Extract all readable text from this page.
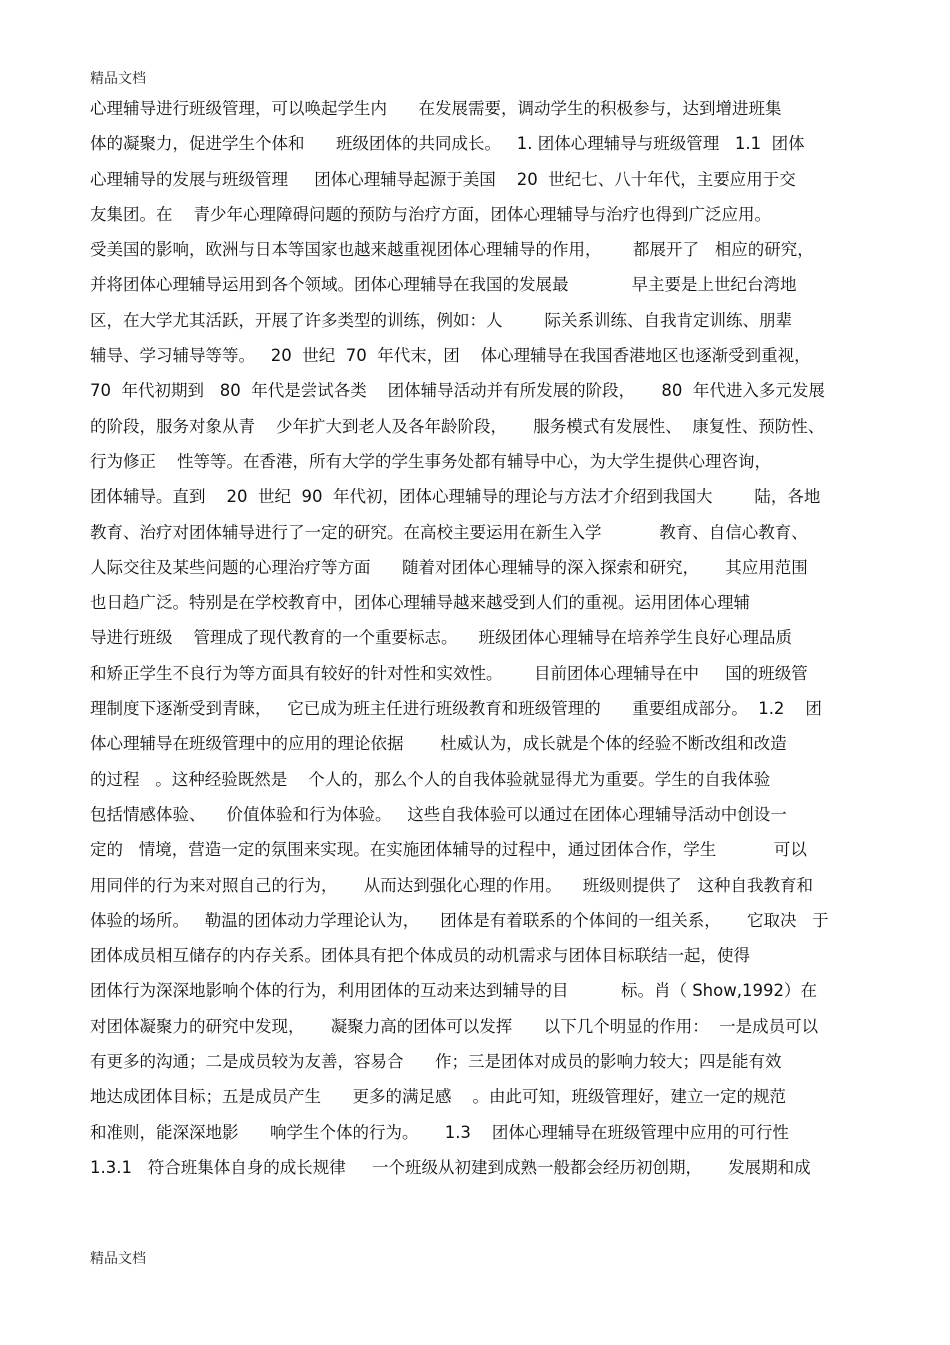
精品文档
心理辅导进行班级管理，可以唤起学生内      在发展需要，调动学生的积极参与，达到增进班集
体的凝聚力，促进学生个体和      班级团体的共同成长。   1. 团体心理辅导与班级管理   1.1  团体
心理辅导的发展与班级管理     团体心理辅导起源于美国    20  世纪七、八十年代，主要应用于交
友集团。在    青少年心理障碍问题的预防与治疗方面，团体心理辅导与治疗也得到广泛应用。
受美国的影响，欧洲与日本等国家也越来越重视团体心理辅导的作用，      都展开了   相应的研究，
并将团体心理辅导运用到各个领域。团体心理辅导在我国的发展最            早主要是上世纪台湾地
区，在大学尤其活跃，开展了许多类型的训练，例如：人        际关系训练、自我肯定训练、朋辈
辅导、学习辅导等等。   20  世纪  70  年代末，团    体心理辅导在我国香港地区也逐渐受到重视，
70  年代初期到   80  年代是尝试各类    团体辅导活动并有所发展的阶段，     80  年代进入多元发展
的阶段，服务对象从青    少年扩大到老人及各年龄阶段，     服务模式有发展性、  康复性、预防性、
行为修正    性等等。在香港，所有大学的学生事务处都有辅导中心，为大学生提供心理咨询，
团体辅导。直到    20  世纪  90  年代初，团体心理辅导的理论与方法才介绍到我国大        陆，各地
教育、治疗对团体辅导进行了一定的研究。在高校主要运用在新生入学           教育、自信心教育、
人际交往及某些问题的心理治疗等方面      随着对团体心理辅导的深入探索和研究，     其应用范围
也日趋广泛。特别是在学校教育中，团体心理辅导越来越受到人们的重视。运用团体心理辅
导进行班级    管理成了现代教育的一个重要标志。    班级团体心理辅导在培养学生良好心理品质
和矫正学生不良行为等方面具有较好的针对性和实效性。      目前团体心理辅导在中     国的班级管
理制度下逐渐受到青睐，   它已成为班主任进行班级教育和班级管理的      重要组成部分。  1.2    团
体心理辅导在班级管理中的应用的理论依据       杜威认为，成长就是个体的经验不断改组和改造
的过程   。这种经验既然是    个人的，那么个人的自我体验就显得尤为重要。学生的自我体验
包括情感体验、    价值体验和行为体验。   这些自我体验可以通过在团体心理辅导活动中创设一
定的   情境，营造一定的氛围来实现。在实施团体辅导的过程中，通过团体合作，学生           可以
用同伴的行为来对照自己的行为，     从而达到强化心理的作用。    班级则提供了   这种自我教育和
体验的场所。   勒温的团体动力学理论认为，    团体是有着联系的个体间的一组关系，     它取决   于
团体成员相互储存的内存关系。团体具有把个体成员的动机需求与团体目标联结一起，使得
团体行为深深地影响个体的行为，利用团体的互动来达到辅导的目          标。肖（ Show,1992）在
对团体凝聚力的研究中发现，     凝聚力高的团体可以发挥      以下几个明显的作用：  一是成员可以
有更多的沟通；二是成员较为友善，容易合      作；三是团体对成员的影响力较大；四是能有效
地达成团体目标；五是成员产生      更多的满足感    。由此可知，班级管理好，建立一定的规范
和准则，能深深地影      响学生个体的行为。     1.3    团体心理辅导在班级管理中应用的可行性
1.3.1   符合班集体自身的成长规律     一个班级从初建到成熟一般都会经历初创期，     发展期和成
精品文档
